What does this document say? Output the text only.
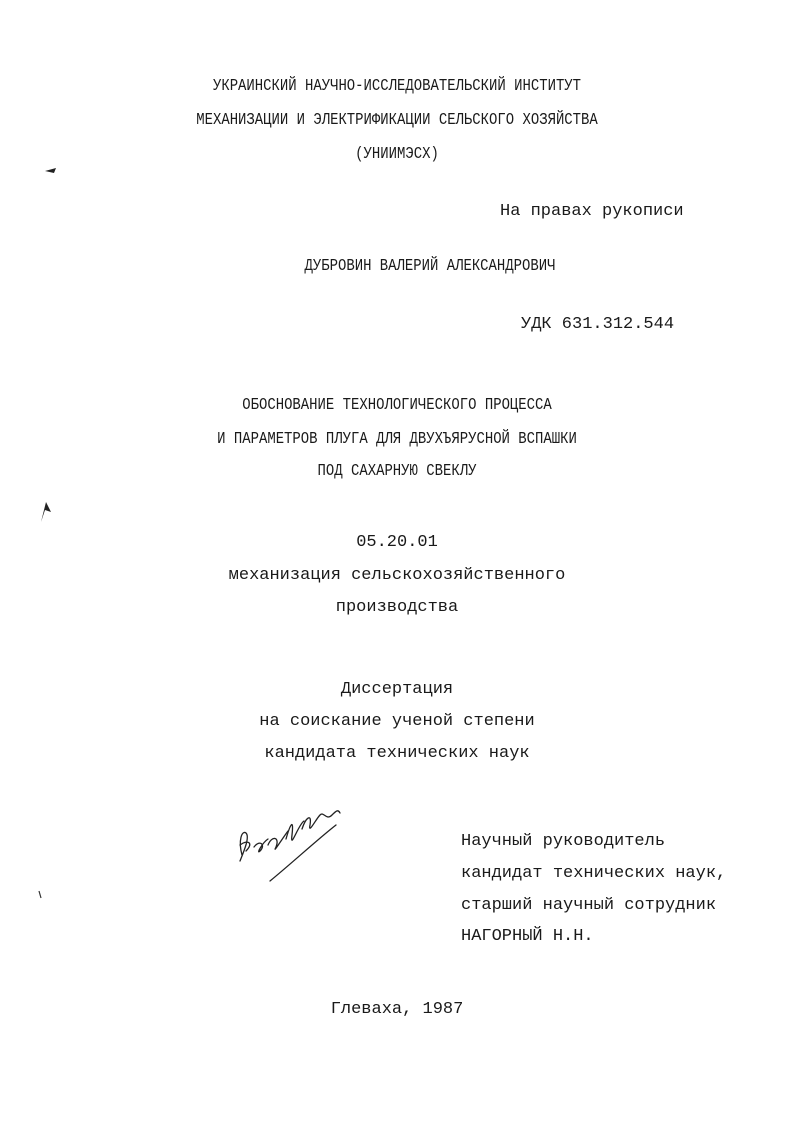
УКРАИНСКИЙ НАУЧНО-ИССЛЕДОВАТЕЛЬСКИЙ ИНСТИТУТ
МЕХАНИЗАЦИИ И ЭЛЕКТРИФИКАЦИИ СЕЛЬСКОГО ХОЗЯЙСТВА
(УНИИМЭСХ)
На правах рукописи
ДУБРОВИН ВАЛЕРИЙ АЛЕКСАНДРОВИЧ
УДК 631.312.544
ОБОСНОВАНИЕ ТЕХНОЛОГИЧЕСКОГО ПРОЦЕССА
И ПАРАМЕТРОВ ПЛУГА ДЛЯ ДВУХЪЯРУСНОЙ ВСПАШКИ
ПОД САХАРНУЮ СВЕКЛУ
05.20.01
механизация сельскохозяйственного
производства
Диссертация
на соискание ученой степени
кандидата технических наук
Научный руководитель
кандидат технических наук,
старший научный сотрудник
НАГОРНЫЙ Н.Н.
Глеваха, 1987
